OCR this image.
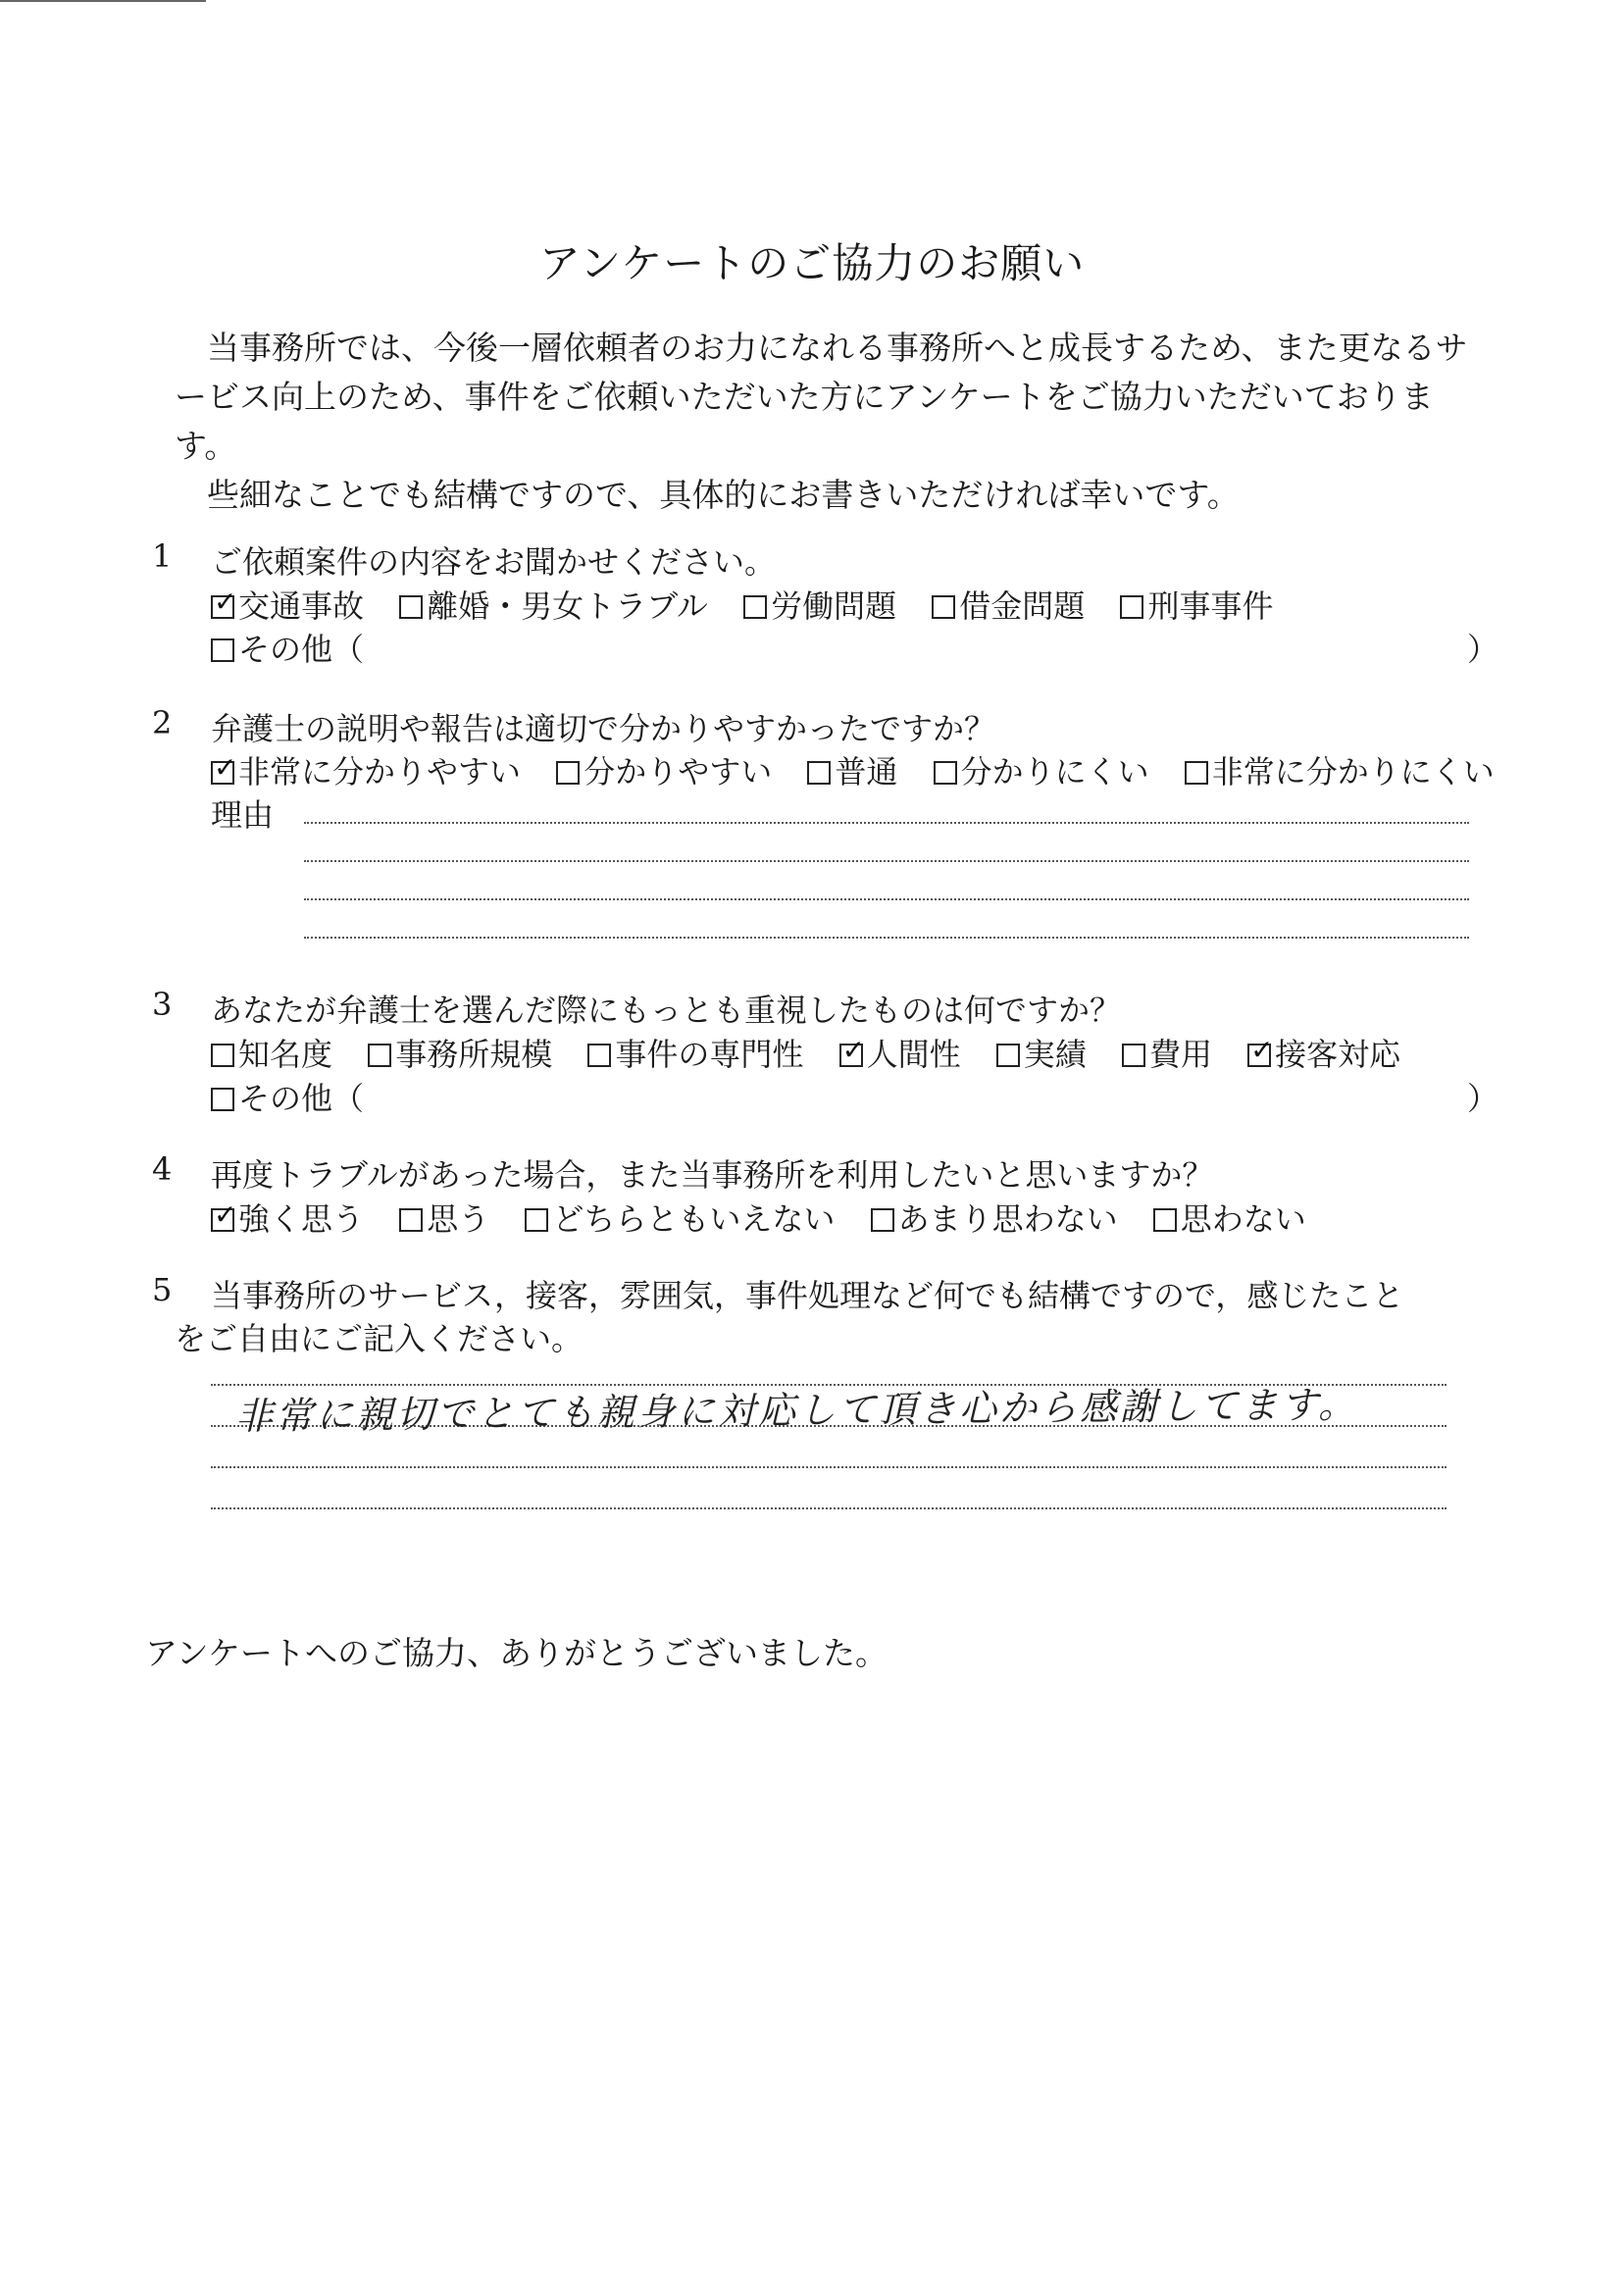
アンケートのご協力のお願い

当事務所では、今後一層依頼者のお力になれる事務所へと成長するため、また更なるサービス向上のため、事件をご依頼いただいた方にアンケートをご協力いただいております。

些細なことでも結構ですので、具体的にお書きいただければ幸いです。

1 ご依頼案件の内容をお聞かせください。
✓交通事故 離婚・男女トラブル 労働問題 借金問題 刑事事件
その他（	）
2 弁護士の説明や報告は適切で分かりやすかったですか？
✓非常に分かりやすい 分かりやすい 普通 分かりにくい 非常に分かりにくい
理由
3 あなたが弁護士を選んだ際にもっとも重視したものは何ですか？
知名度 事務所規模 事件の専門性 ✓ 人間性 実績 費用 ✓ 接客対応
その他（	）
4 再度トラブルがあった場合，また当事務所を利用したいと思いますか？
✓強く思う 思う どちらともいえない あまり思わない 思わない
5 当事務所のサービス，接客，雰囲気，事件処理など何でも結構ですので，感じたこと
をご自由にご記入ください。
非常に親切でとても親身に対応して頂き心から感謝してます。
アンケートへのご協力、ありがとうございました。
